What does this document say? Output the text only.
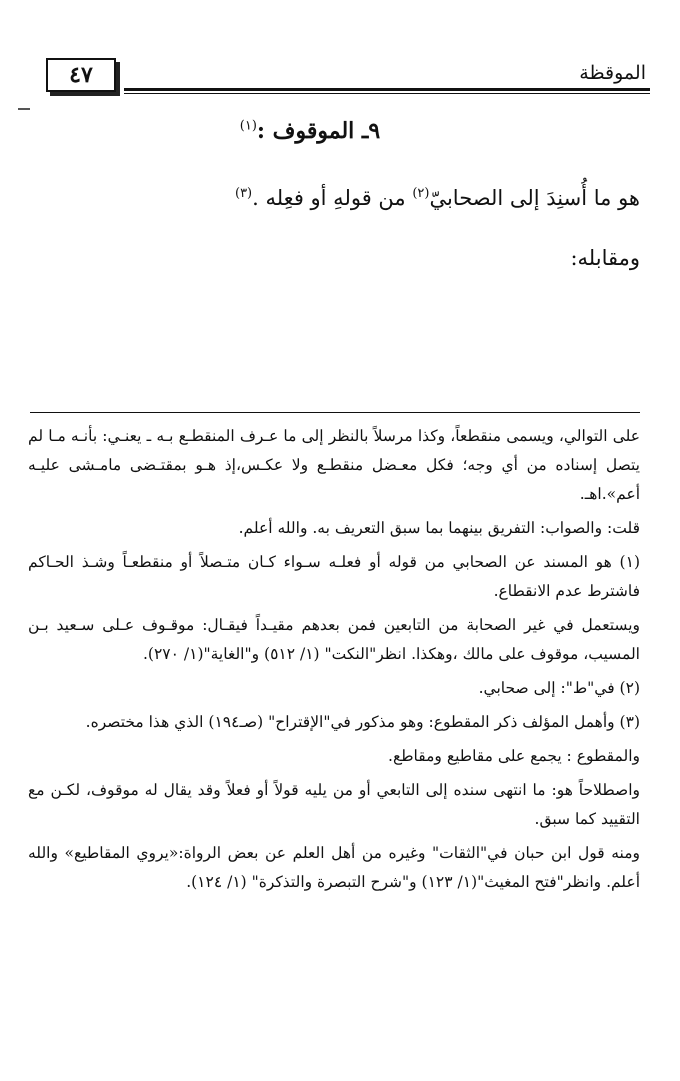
٤٧	الموقظة
٩ـ الموقوف :$^{(١)}$
هو ما أُسنِدَ إلى الصحابيّ$^{(٢)}$ من قولهِ أو فعِله .$^{(٣)}$
ومقابله:

على التوالي، ويسمى منقطعاً، وكذا مرسلاً بالنظر إلى ما عـرف المنقطـع بـه ـ يعنـي: بأنـه مـا لم يتصل إسناده من أي وجه؛ فكل معـضل منقطـع ولا عكـس،إذ هـو بمقتـضى مامـشى عليـه أعم».اهـ.

قلت: والصواب: التفريق بينهما بما سبق التعريف به. والله أعلم.

(١) هو المسند عن الصحابي من قوله أو فعلـه سـواء كـان متـصلاً أو منقطعـاً وشـذ الحـاكم فاشترط عدم الانقطاع.

ويستعمل في غير الصحابة من التابعين فمن بعدهم مقيـداً فيقـال: موقـوف عـلى سـعيد بـن المسيب، موقوف على مالك ،وهكذا. انظر"النكت" (١/ ٥١٢) و"الغاية"(١/ ٢٧٠).

(٢) في"ط": إلى صحابي.

(٣) وأهمل المؤلف ذكر المقطوع: وهو مذكور في"الإقتراح" (صـ١٩٤) الذي هذا مختصره.

والمقطوع : يجمع على مقاطيع ومقاطع.

واصطلاحاً هو: ما انتهى سنده إلى التابعي أو من يليه قولاً أو فعلاً وقد يقال له موقوف، لكـن مع التقييد كما سبق.

ومنه قول ابن حبان في"الثقات" وغيره من أهل العلم عن بعض الرواة:«يروي المقاطيع» والله أعلم. وانظر"فتح المغيث"(١/ ١٢٣) و"شرح التبصرة والتذكرة" (١/ ١٢٤).
